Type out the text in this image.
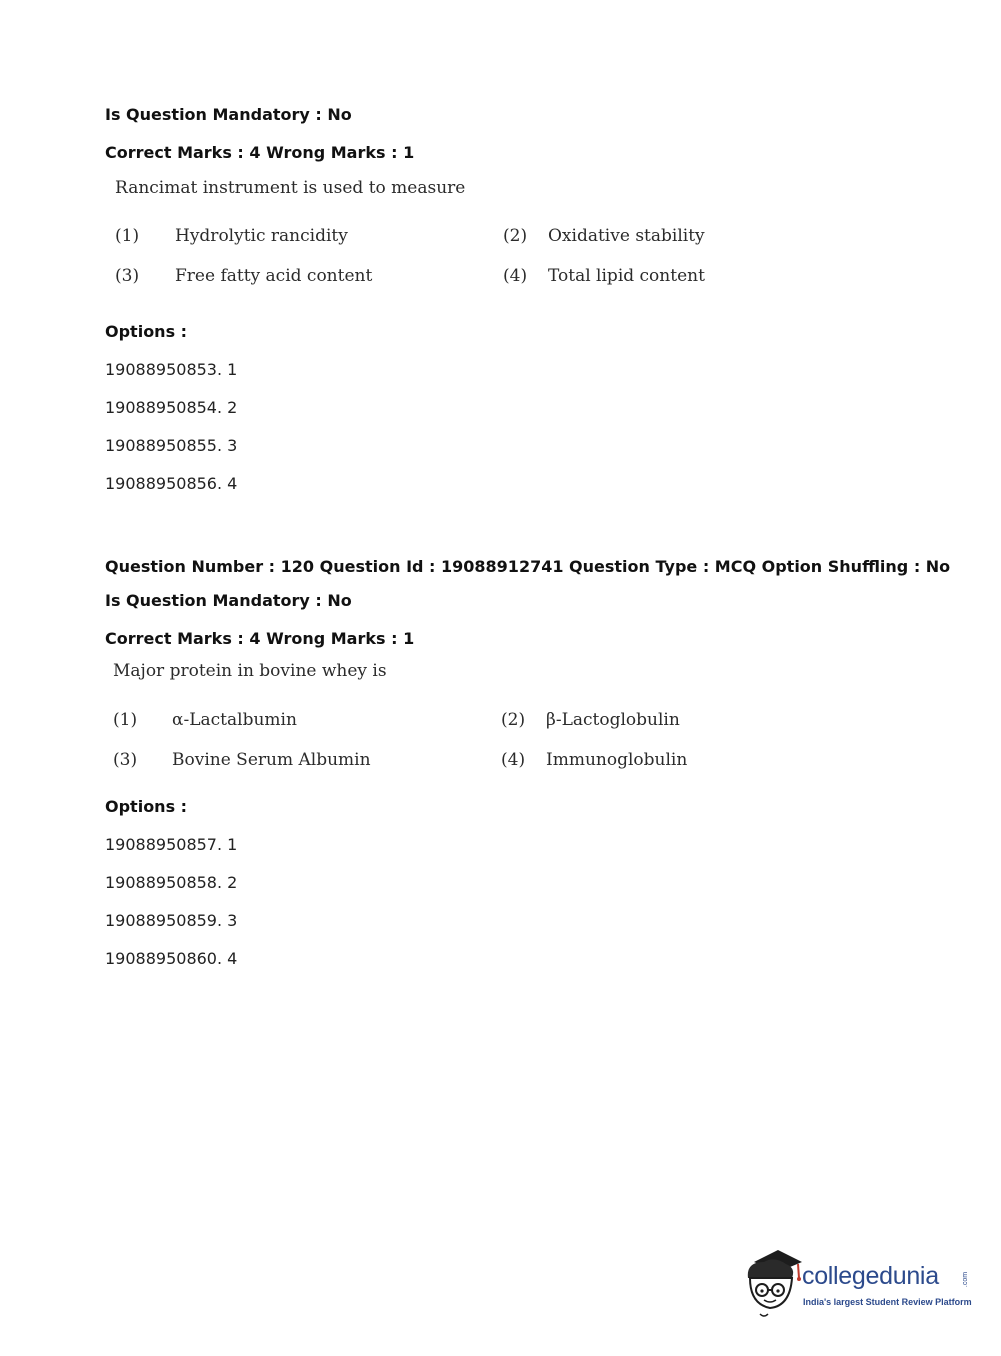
Is Question Mandatory : No
Correct Marks : 4 Wrong Marks : 1
Rancimat instrument is used to measure
(1) Hydrolytic rancidity	(2) Oxidative stability
(3) Free fatty acid content	(4) Total lipid content
Options :
19088950853. 1
19088950854. 2
19088950855. 3
19088950856. 4
Question Number : 120 Question Id : 19088912741 Question Type : MCQ Option Shuffling : No
Is Question Mandatory : No
Correct Marks : 4 Wrong Marks : 1
Major protein in bovine whey is
(1) α-Lactalbumin	(2) β-Lactoglobulin
(3) Bovine Serum Albumin	(4) Immunoglobulin
Options :
19088950857. 1
19088950858. 2
19088950859. 3
19088950860. 4
collegedunia	.com
India's largest Student Review Platform
